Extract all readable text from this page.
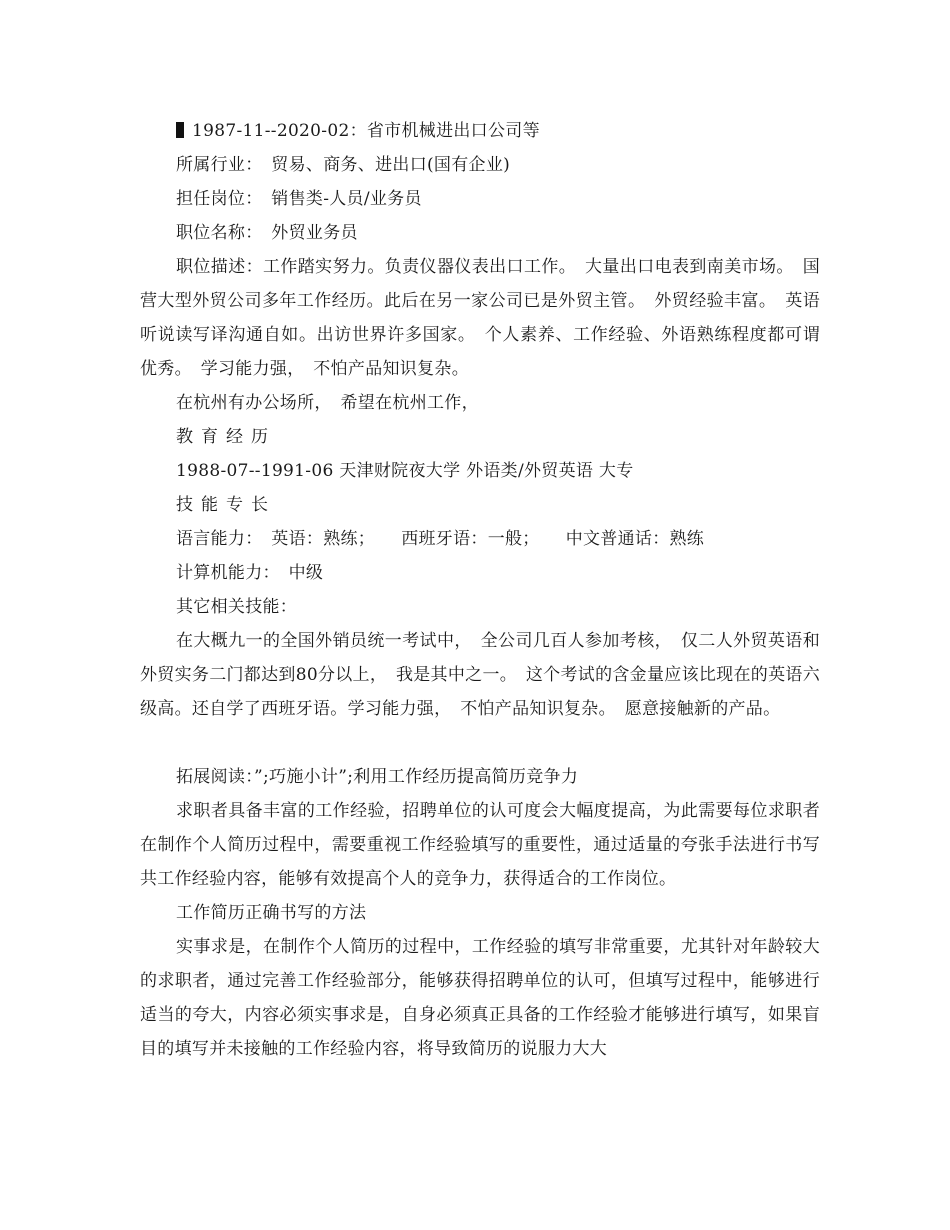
1987-11--2020-02：省市机械进出口公司等
所属行业：　贸易、商务、进出口(国有企业)
担任岗位：　销售类-人员/业务员
职位名称：　外贸业务员
职位描述：工作踏实努力。负责仪器仪表出口工作。　大量出口电表到南美市场。　国营大型外贸公司多年工作经历。此后在另一家公司已是外贸主管。　外贸经验丰富。　英语听说读写译沟通自如。出访世界许多国家。　个人素养、工作经验、外语熟练程度都可谓优秀。　学习能力强，　不怕产品知识复杂。
在杭州有办公场所，　希望在杭州工作，
教育经历
1988-07--1991-06 天津财院夜大学 外语类/外贸英语 大专
技能专长
语言能力：　英语：熟练；　　西班牙语：一般；　　中文普通话：熟练
计算机能力：　中级
其它相关技能：
在大概九一的全国外销员统一考试中，　全公司几百人参加考核，　仅二人外贸英语和外贸实务二门都达到80分以上，　我是其中之一。　这个考试的含金量应该比现在的英语六级高。还自学了西班牙语。学习能力强，　不怕产品知识复杂。　愿意接触新的产品。
拓展阅读：”;巧施小计”;利用工作经历提高简历竞争力
求职者具备丰富的工作经验，招聘单位的认可度会大幅度提高，为此需要每位求职者在制作个人简历过程中，需要重视工作经验填写的重要性，通过适量的夸张手法进行书写共工作经验内容，能够有效提高个人的竞争力，获得适合的工作岗位。
工作简历正确书写的方法
实事求是，在制作个人简历的过程中，工作经验的填写非常重要，尤其针对年龄较大的求职者，通过完善工作经验部分，能够获得招聘单位的认可，但填写过程中，能够进行适当的夸大，内容必须实事求是，自身必须真正具备的工作经验才能够进行填写，如果盲目的填写并未接触的工作经验内容，将导致简历的说服力大大
